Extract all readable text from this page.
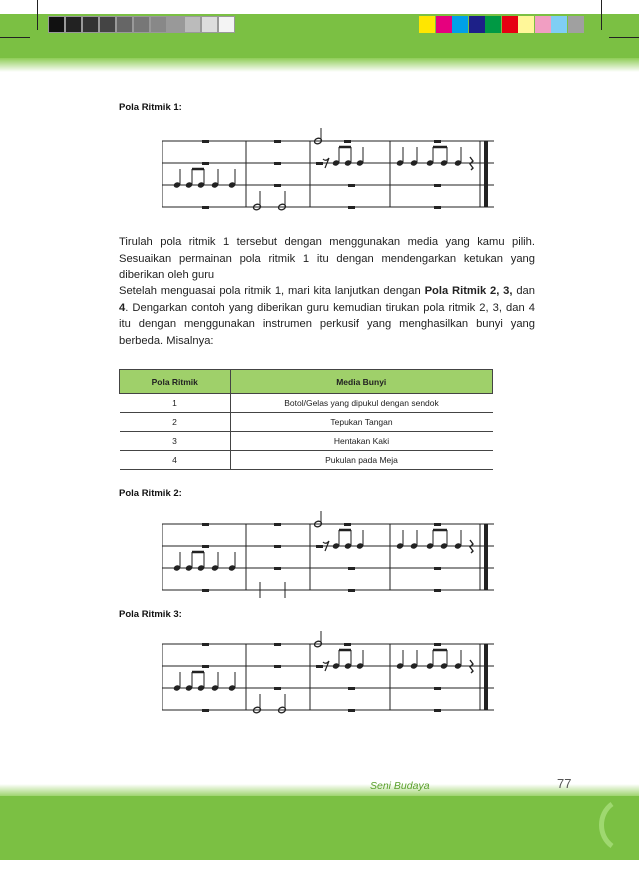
Pola Ritmik 1:

Tirulah pola ritmik 1 tersebut dengan menggunakan media yang kamu pilih. Sesuaikan permainan pola ritmik 1 itu dengan mendengarkan ketukan yang diberikan oleh guru

Setelah menguasai pola ritmik 1, mari kita lanjutkan dengan Pola Ritmik 2, 3, dan 4. Dengarkan contoh yang diberikan guru kemudian tirukan pola ritmik 2, 3, dan 4 itu dengan menggunakan instrumen perkusif yang menghasilkan bunyi yang berbeda. Misalnya:

Pola Ritmik	Media Bunyi
1	Botol/Gelas yang dipukul dengan sendok
2	Tepukan Tangan
3	Hentakan Kaki
4	Pukulan pada Meja
Pola Ritmik 2:
Pola Ritmik 3:
Seni Budaya	77
